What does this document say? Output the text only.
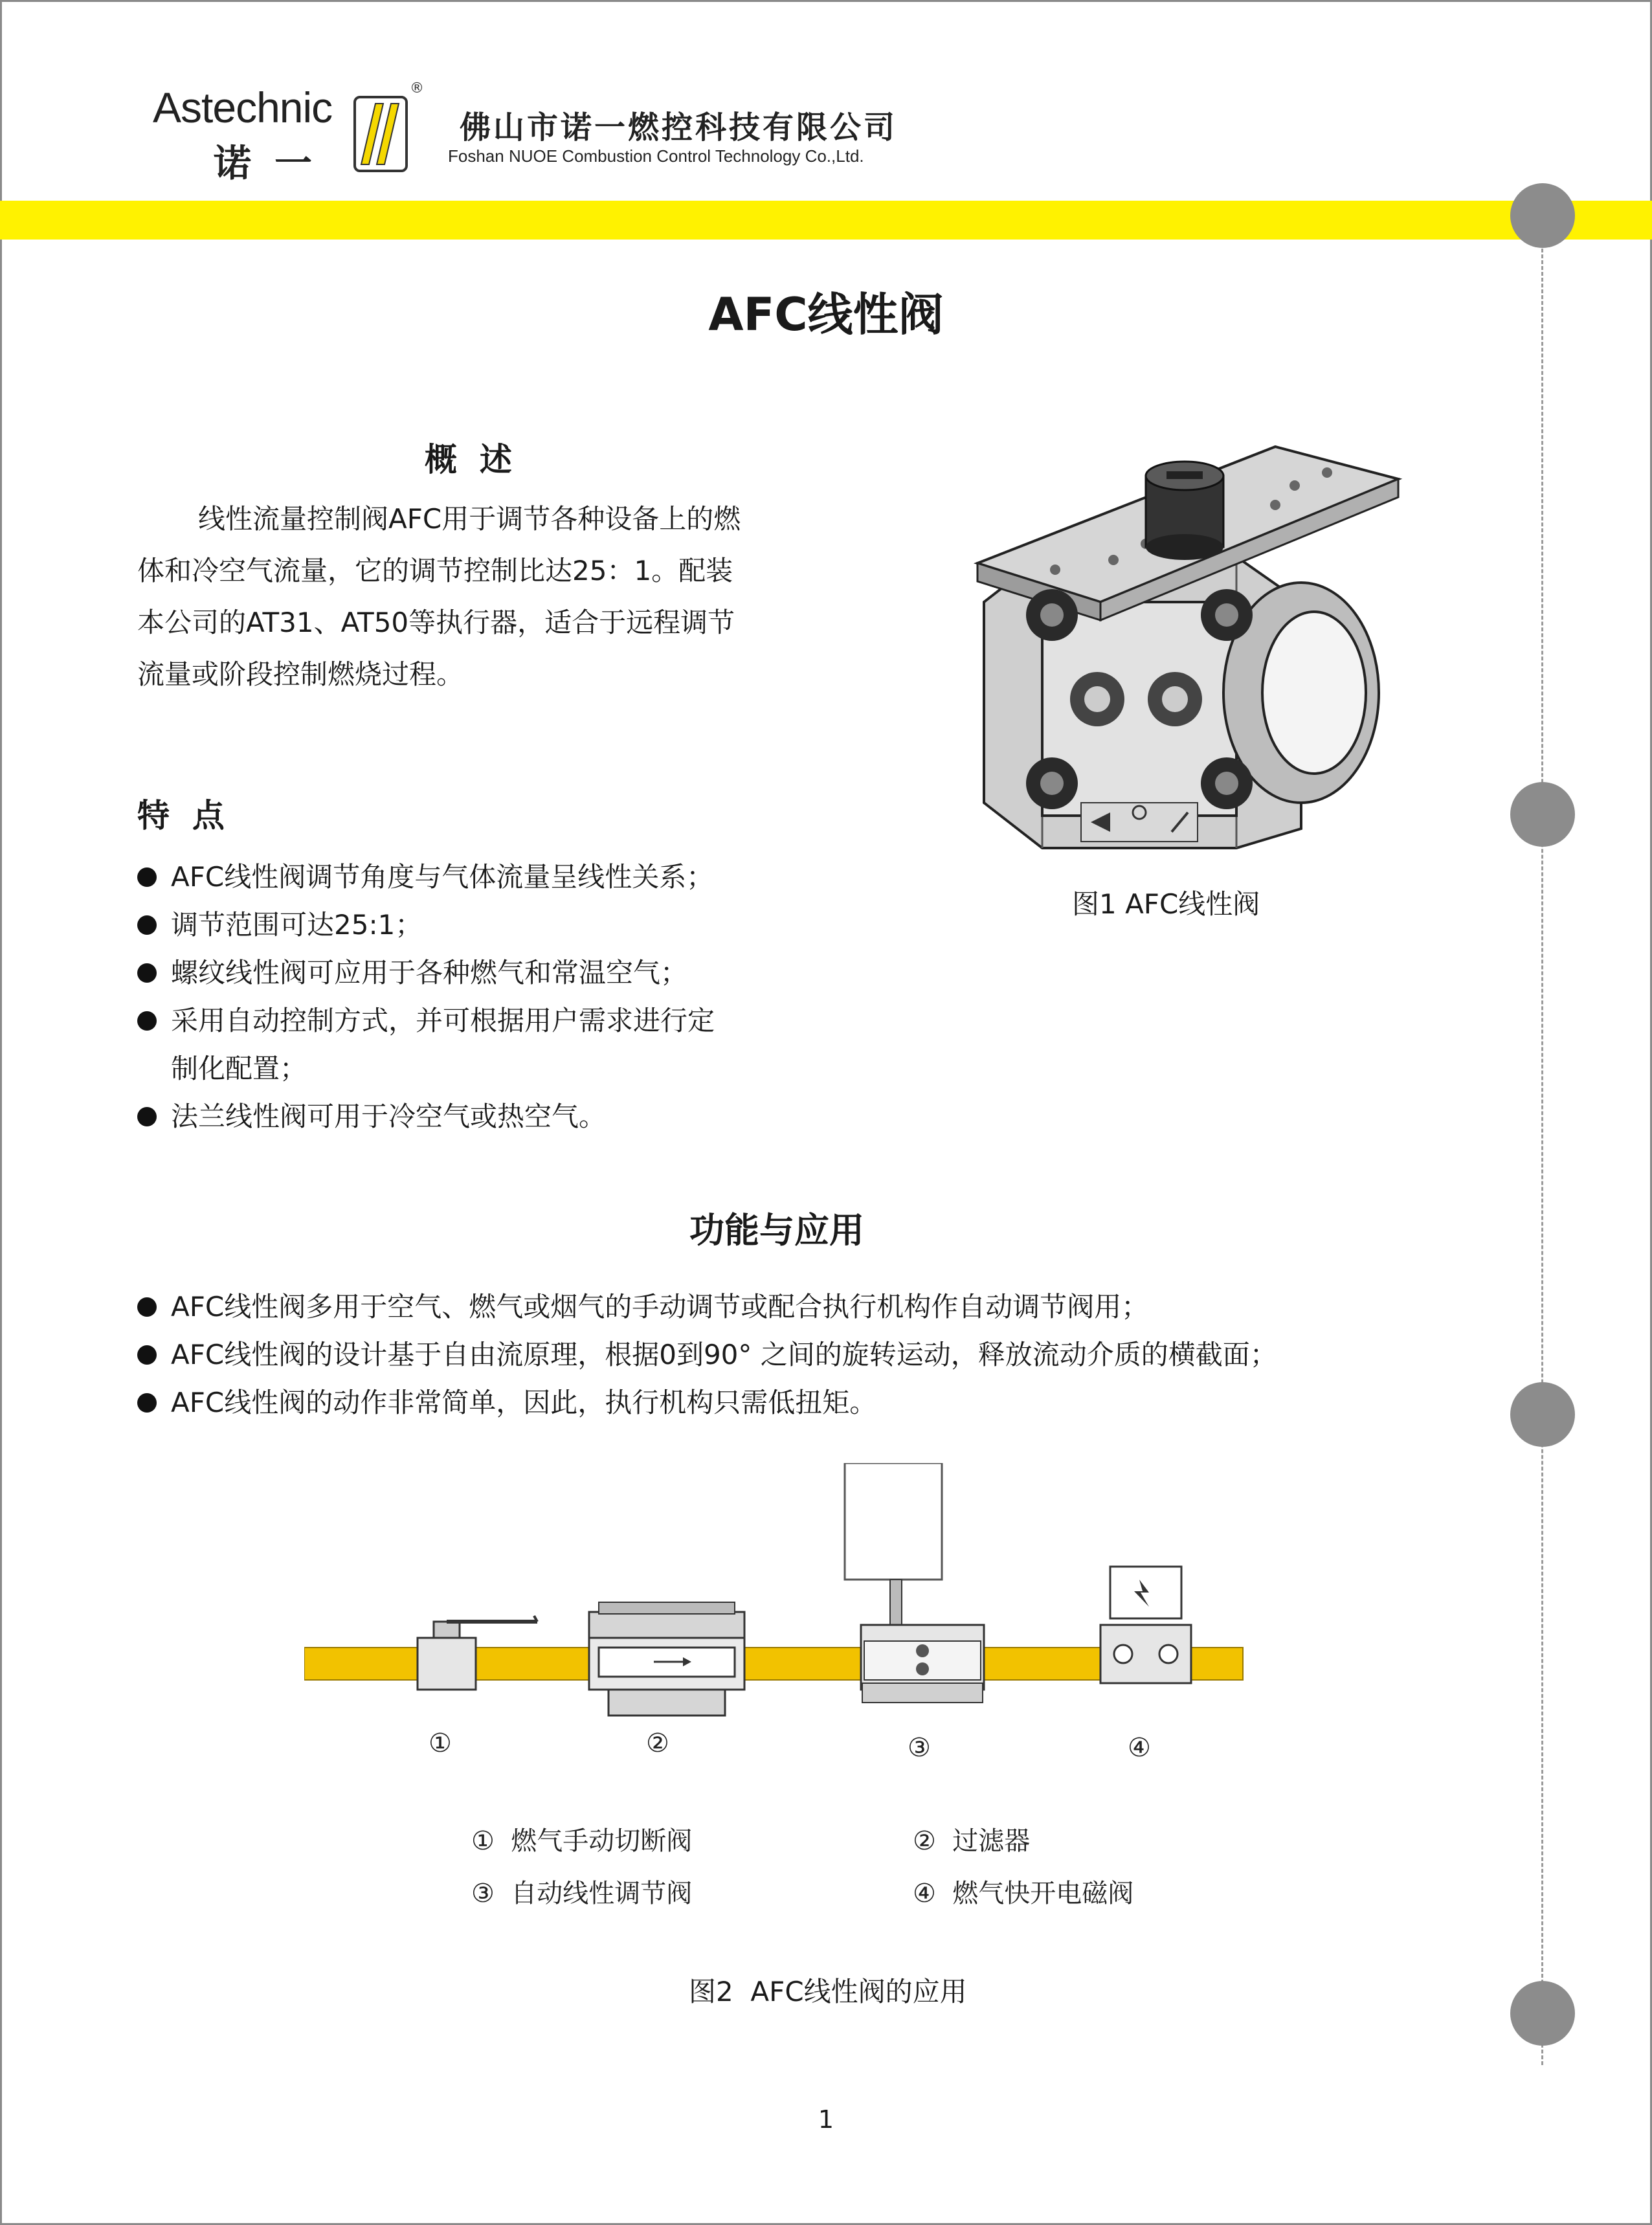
Astechnic
诺一
®
佛山市诺一燃控科技有限公司
Foshan NUOE Combustion Control Technology Co.,Ltd.
AFC线性阀
概  述
线性流量控制阀AFC用于调节各种设备上的燃
体和冷空气流量，它的调节控制比达25：1。配装
本公司的AT31、AT50等执行器，适合于远程调节
流量或阶段控制燃烧过程。
图1 AFC线性阀
特  点
AFC线性阀调节角度与气体流量呈线性关系；
调节范围可达25:1；
螺纹线性阀可应用于各种燃气和常温空气；
采用自动控制方式，并可根据用户需求进行定
制化配置；
法兰线性阀可用于冷空气或热空气。
功能与应用
AFC线性阀多用于空气、燃气或烟气的手动调节或配合执行机构作自动调节阀用；
AFC线性阀的设计基于自由流原理，根据0到90° 之间的旋转运动，释放流动介质的横截面；
AFC线性阀的动作非常简单，因此，执行机构只需低扭矩。
①	②	③	④
①  燃气手动切断阀	②  过滤器
③  自动线性调节阀	④  燃气快开电磁阀
图2  AFC线性阀的应用
1
